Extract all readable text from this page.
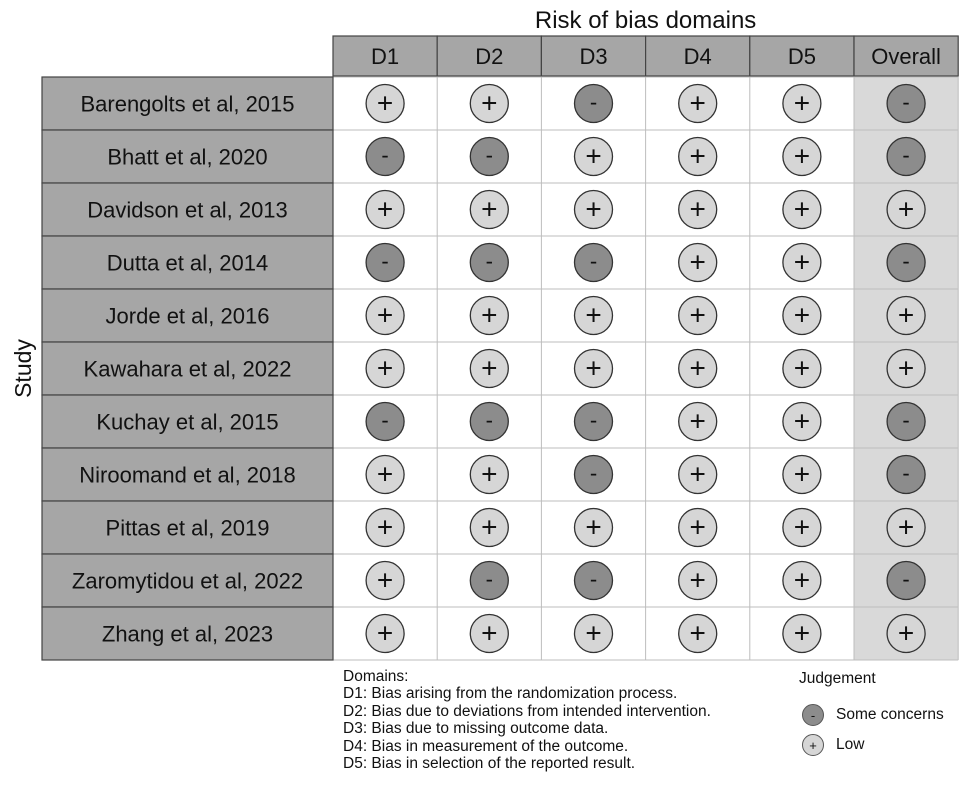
Risk of bias domains
Study
D1	D2	D3	D4	D5	Overall
Barengolts et al, 2015	+	+	-	+	+	-
Bhatt et al, 2020	-	-	+	+	+	-
Davidson et al, 2013	+	+	+	+	+	+
Dutta et al, 2014	-	-	-	+	+	-
Jorde et al, 2016	+	+	+	+	+	+
Kawahara et al, 2022	+	+	+	+	+	+
Kuchay et al, 2015	-	-	-	+	+	-
Niroomand et al, 2018	+	+	-	+	+	-
Pittas et al, 2019	+	+	+	+	+	+
Zaromytidou et al, 2022	+	-	-	+	+	-
Zhang et al, 2023	+	+	+	+	+	+
Domains:
D1: Bias arising from the randomization process.
D2: Bias due to deviations from intended intervention.
D3: Bias due to missing outcome data.
D4: Bias in measurement of the outcome.
D5: Bias in selection of the reported result.
Judgement
-	Some concerns
+	Low
